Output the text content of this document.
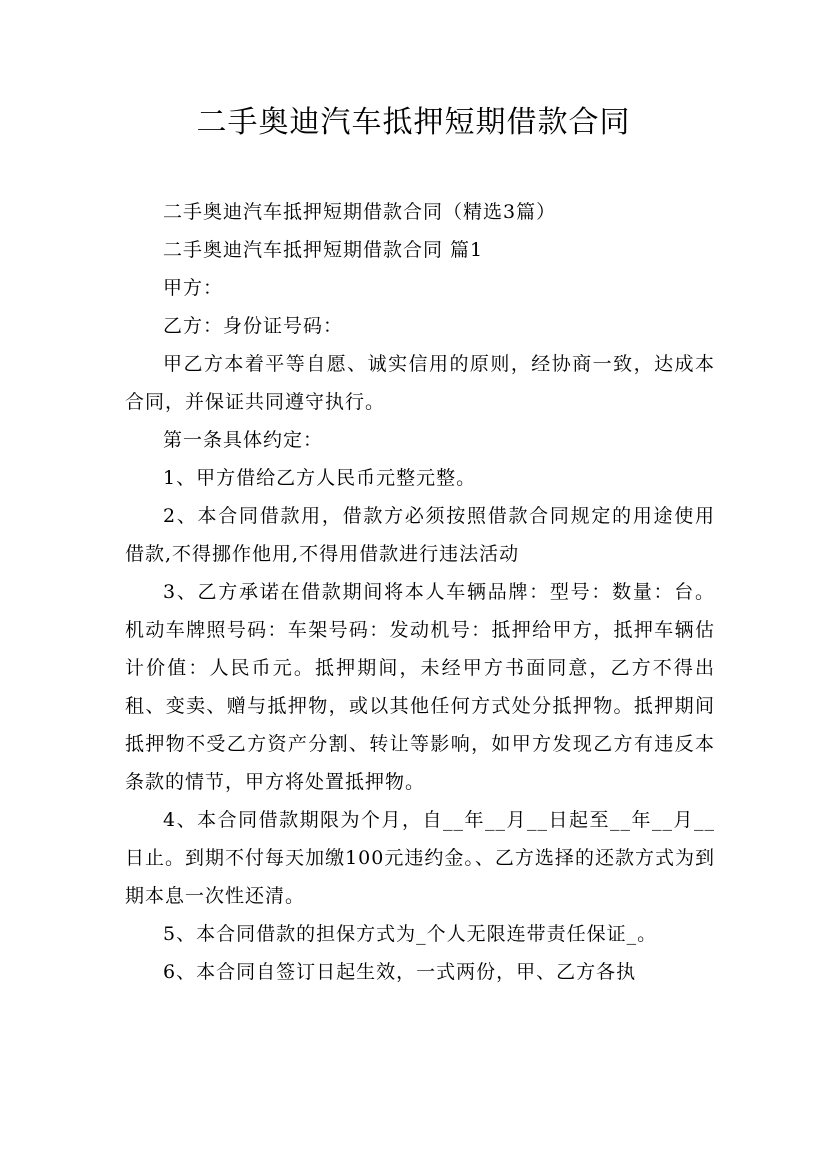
二手奥迪汽车抵押短期借款合同

二手奥迪汽车抵押短期借款合同（精选3篇）

二手奥迪汽车抵押短期借款合同 篇1

甲方：

乙方：身份证号码：

甲乙方本着平等自愿、诚实信用的原则，经协商一致，达成本合同，并保证共同遵守执行。

第一条具体约定：

1、甲方借给乙方人民币元整元整。

2、本合同借款用，借款方必须按照借款合同规定的用途使用借款,不得挪作他用,不得用借款进行违法活动

3、乙方承诺在借款期间将本人车辆品牌：型号：数量：台。机动车牌照号码：车架号码：发动机号：抵押给甲方，抵押车辆估计价值：人民币元。抵押期间，未经甲方书面同意，乙方不得出租、变卖、赠与抵押物，或以其他任何方式处分抵押物。抵押期间抵押物不受乙方资产分割、转让等影响，如甲方发现乙方有违反本条款的情节，甲方将处置抵押物。

4、本合同借款期限为个月，自__年__月__日起至__年__月__日止。到期不付每天加缴100元违约金。、乙方选择的还款方式为到期本息一次性还清。

5、本合同借款的担保方式为_个人无限连带责任保证_。

6、本合同自签订日起生效，一式两份，甲、乙方各执
